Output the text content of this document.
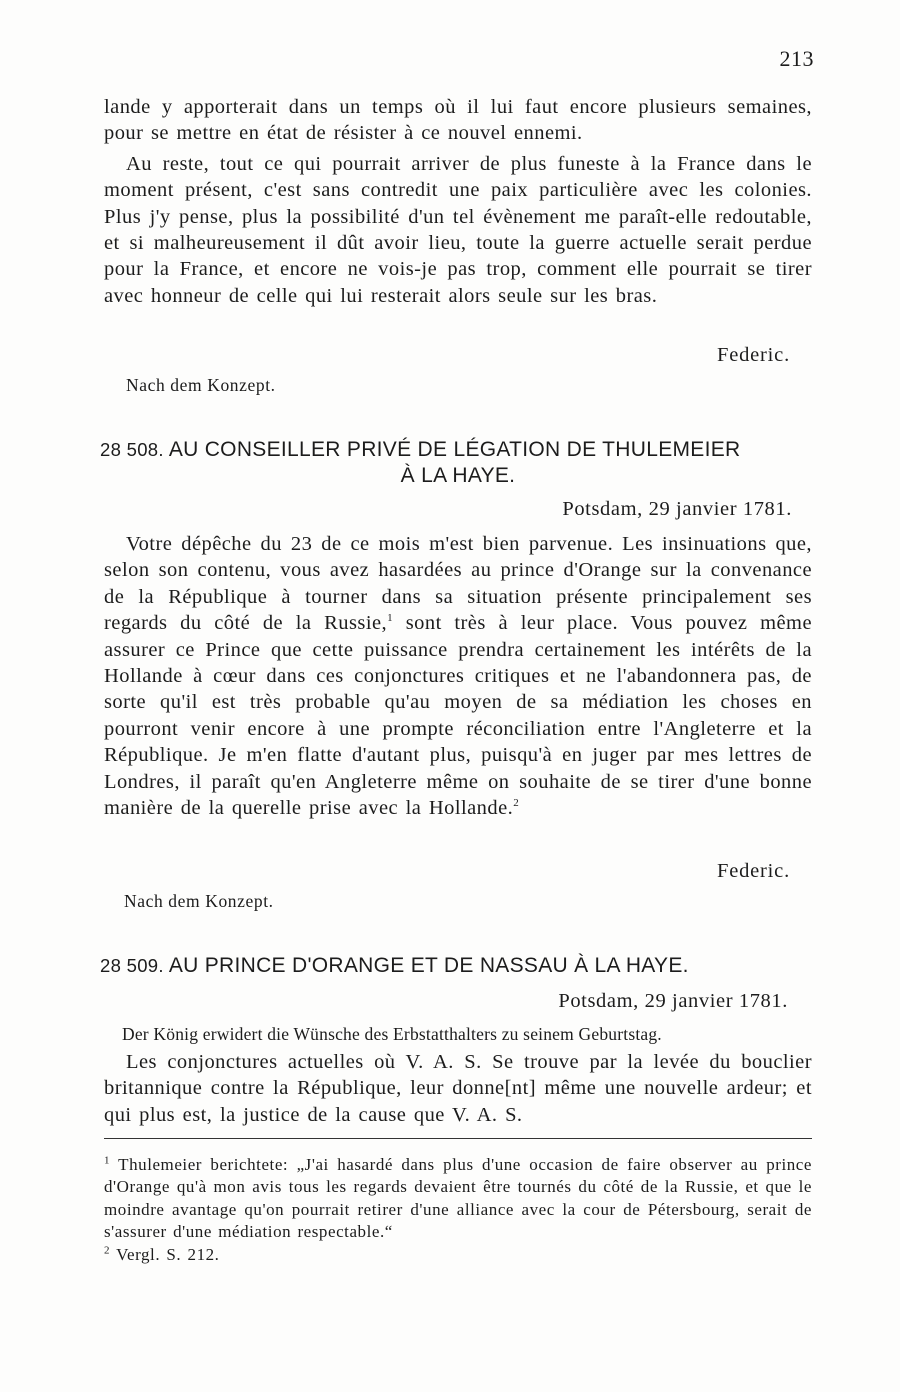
213

lande y apporterait dans un temps où il lui faut encore plusieurs semaines, pour se mettre en état de résister à ce nouvel ennemi.

Au reste, tout ce qui pourrait arriver de plus funeste à la France dans le moment présent, c'est sans contredit une paix particulière avec les colonies. Plus j'y pense, plus la possibilité d'un tel évènement me paraît-elle redoutable, et si malheureusement il dût avoir lieu, toute la guerre actuelle serait perdue pour la France, et encore ne vois-je pas trop, comment elle pourrait se tirer avec honneur de celle qui lui resterait alors seule sur les bras.

Federic.
Nach dem Konzept.
28 508. AU CONSEILLER PRIVÉ DE LÉGATION DE THULEMEIER
À LA HAYE.
Potsdam, 29 janvier 1781.

Votre dépêche du 23 de ce mois m'est bien parvenue. Les insinuations que, selon son contenu, vous avez hasardées au prince d'Orange sur la convenance de la République à tourner dans sa situation présente principalement ses regards du côté de la Russie,$^1$ sont très à leur place. Vous pouvez même assurer ce Prince que cette puissance prendra certainement les intérêts de la Hollande à cœur dans ces conjonctures critiques et ne l'abandonnera pas, de sorte qu'il est très probable qu'au moyen de sa médiation les choses en pourront venir encore à une prompte réconciliation entre l'Angleterre et la République. Je m'en flatte d'autant plus, puisqu'à en juger par mes lettres de Londres, il paraît qu'en Angleterre même on souhaite de se tirer d'une bonne manière de la querelle prise avec la Hollande.$^2$

Federic.
Nach dem Konzept.
28 509. AU PRINCE D'ORANGE ET DE NASSAU À LA HAYE.
Potsdam, 29 janvier 1781.

Der König erwidert die Wünsche des Erbstatthalters zu seinem Geburtstag.

Les conjonctures actuelles où V. A. S. Se trouve par la levée du bouclier britannique contre la République, leur donne[nt] même une nouvelle ardeur; et qui plus est, la justice de la cause que V. A. S.

$^1$ Thulemeier berichtete: „J'ai hasardé dans plus d'une occasion de faire observer au prince d'Orange qu'à mon avis tous les regards devaient être tournés du côté de la Russie, et que le moindre avantage qu'on pourrait retirer d'une alliance avec la cour de Pétersbourg, serait de s'assurer d'une médiation respectable.“

$^2$ Vergl. S. 212.
